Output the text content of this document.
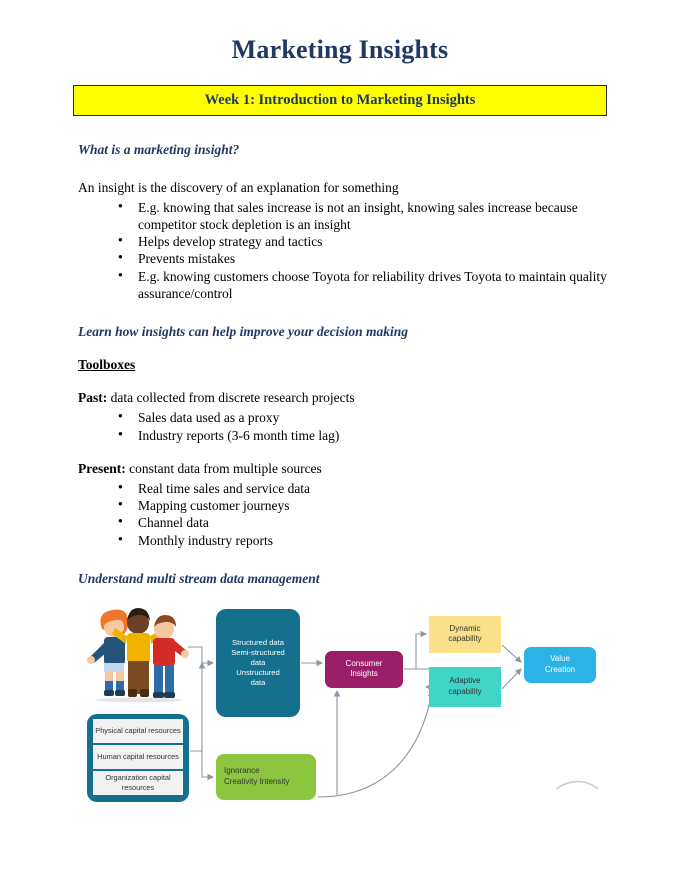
Marketing Insights
Week 1: Introduction to Marketing Insights
What is a marketing insight?

An insight is the discovery of an explanation for something

● E.g. knowing that sales increase is not an insight, knowing sales increase because competitor stock depletion is an insight
● Helps develop strategy and tactics
● Prevents mistakes
● E.g. knowing customers choose Toyota for reliability drives Toyota to maintain quality assurance/control
Learn how insights can help improve your decision making
Toolboxes

Past: data collected from discrete research projects

● Sales data used as a proxy
● Industry reports (3-6 month time lag)

Present: constant data from multiple sources

● Real time sales and service data
● Mapping customer journeys
● Channel data
● Monthly industry reports
Understand multi stream data management
Physical capital resources
Human capital resources
Organization capital resources
Structured data
Semi-structured
data
Unstructured
data
Consumer
Insights
Dynamic
capability
Adaptive
capability
Value
Creation
Ignorance
Creativity Intensity
